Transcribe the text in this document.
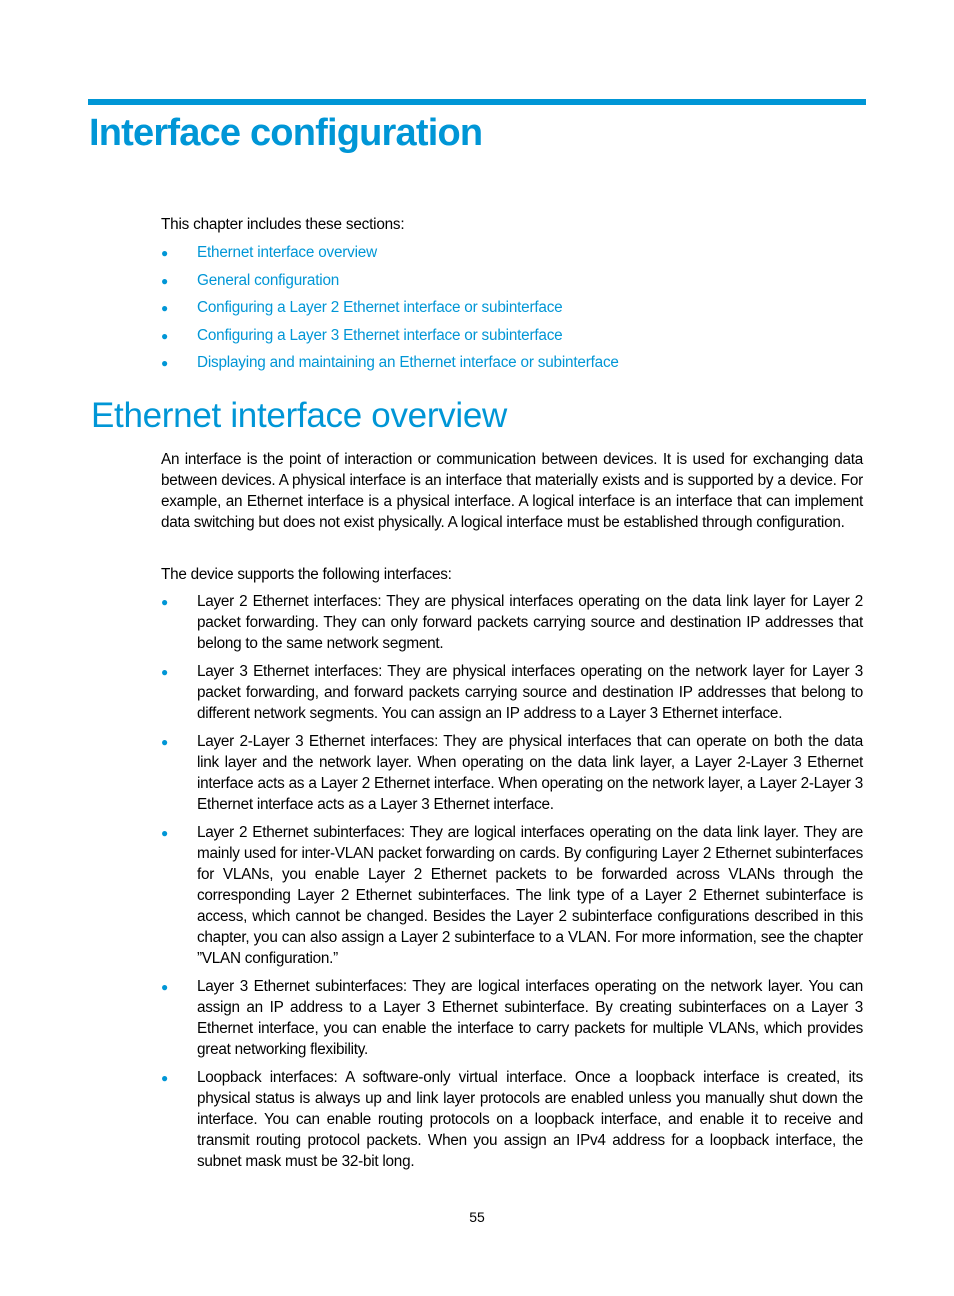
Interface configuration

This chapter includes these sections:

● Ethernet interface overview
● General configuration
● Configuring a Layer 2 Ethernet interface or subinterface
● Configuring a Layer 3 Ethernet interface or subinterface
● Displaying and maintaining an Ethernet interface or subinterface
Ethernet interface overview

An interface is the point of interaction or communication between devices. It is used for exchanging data between devices. A physical interface is an interface that materially exists and is supported by a device. For example, an Ethernet interface is a physical interface. A logical interface is an interface that can implement data switching but does not exist physically. A logical interface must be established through configuration.

The device supports the following interfaces:

● Layer 2 Ethernet interfaces: They are physical interfaces operating on the data link layer for Layer 2 packet forwarding. They can only forward packets carrying source and destination IP addresses that belong to the same network segment.
● Layer 3 Ethernet interfaces: They are physical interfaces operating on the network layer for Layer 3 packet forwarding, and forward packets carrying source and destination IP addresses that belong to different network segments. You can assign an IP address to a Layer 3 Ethernet interface.
● Layer 2-Layer 3 Ethernet interfaces: They are physical interfaces that can operate on both the data link layer and the network layer. When operating on the data link layer, a Layer 2-Layer 3 Ethernet interface acts as a Layer 2 Ethernet interface. When operating on the network layer, a Layer 2-Layer 3 Ethernet interface acts as a Layer 3 Ethernet interface.
● Layer 2 Ethernet subinterfaces: They are logical interfaces operating on the data link layer. They are mainly used for inter-VLAN packet forwarding on cards. By configuring Layer 2 Ethernet subinterfaces for VLANs, you enable Layer 2 Ethernet packets to be forwarded across VLANs through the corresponding Layer 2 Ethernet subinterfaces. The link type of a Layer 2 Ethernet subinterface is access, which cannot be changed. Besides the Layer 2 subinterface configurations described in this chapter, you can also assign a Layer 2 subinterface to a VLAN. For more information, see the chapter ”VLAN configuration.”
● Layer 3 Ethernet subinterfaces: They are logical interfaces operating on the network layer. You can assign an IP address to a Layer 3 Ethernet subinterface. By creating subinterfaces on a Layer 3 Ethernet interface, you can enable the interface to carry packets for multiple VLANs, which provides great networking flexibility.
● Loopback interfaces: A software-only virtual interface. Once a loopback interface is created, its physical status is always up and link layer protocols are enabled unless you manually shut down the interface. You can enable routing protocols on a loopback interface, and enable it to receive and transmit routing protocol packets. When you assign an IPv4 address for a loopback interface, the subnet mask must be 32-bit long.
55
